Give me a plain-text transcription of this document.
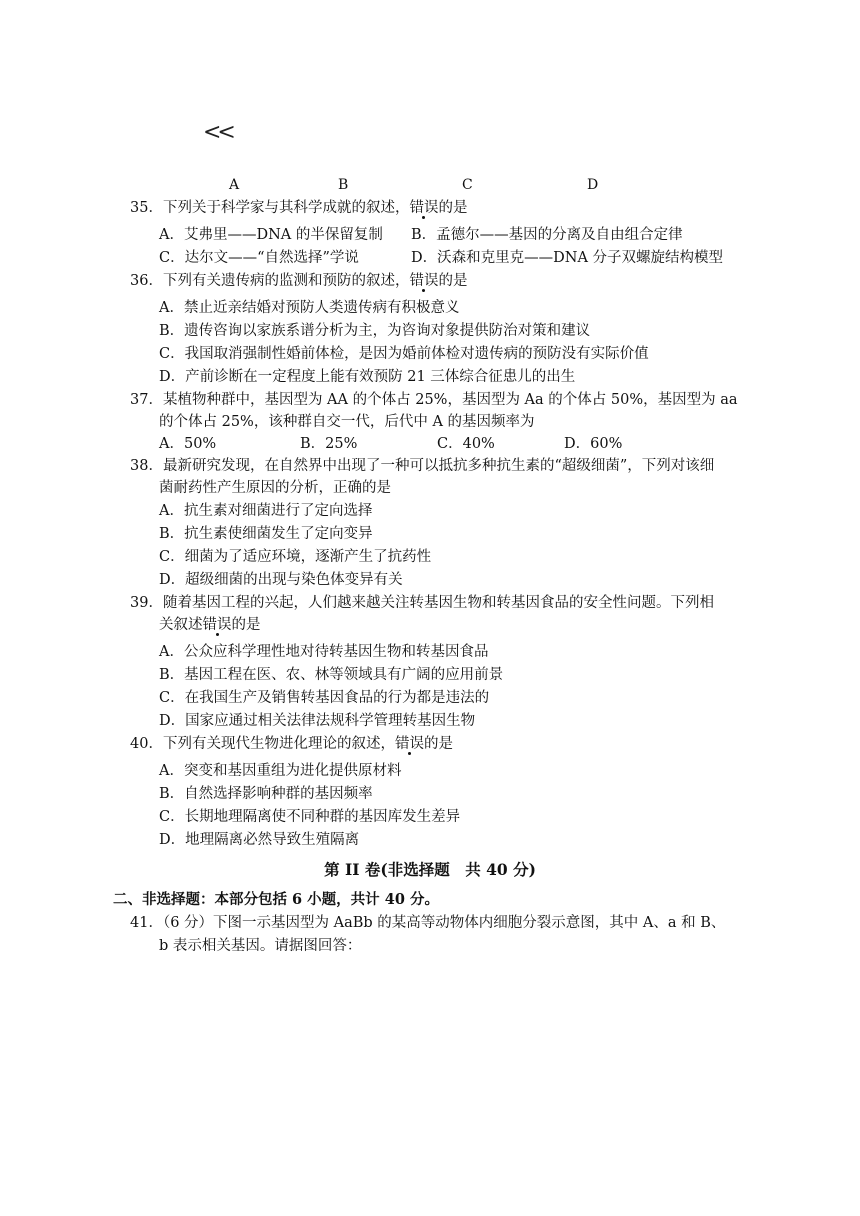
<<
A	B	C	D
35．下列关于科学家与其科学成就的叙述，错误的是
A．艾弗里——DNA 的半保留复制 B．孟德尔——基因的分离及自由组合定律
C．达尔文——“自然选择”学说	D．沃森和克里克——DNA 分子双螺旋结构模型
36．下列有关遗传病的监测和预防的叙述，错误的是
A．禁止近亲结婚对预防人类遗传病有积极意义
B．遗传咨询以家族系谱分析为主，为咨询对象提供防治对策和建议
C．我国取消强制性婚前体检，是因为婚前体检对遗传病的预防没有实际价值
D．产前诊断在一定程度上能有效预防 21 三体综合征患儿的出生
37．某植物种群中，基因型为 AA 的个体占 25%，基因型为 Aa 的个体占 50%，基因型为 aa
的个体占 25%，该种群自交一代，后代中 A 的基因频率为
A．50%	B．25%	C．40%	D．60%
38．最新研究发现，在自然界中出现了一种可以抵抗多种抗生素的“超级细菌”，下列对该细
菌耐药性产生原因的分析，正确的是
A．抗生素对细菌进行了定向选择
B．抗生素使细菌发生了定向变异
C．细菌为了适应环境，逐渐产生了抗药性
D．超级细菌的出现与染色体变异有关
39．随着基因工程的兴起，人们越来越关注转基因生物和转基因食品的安全性问题。下列相
关叙述错误的是
A．公众应科学理性地对待转基因生物和转基因食品
B．基因工程在医、农、林等领域具有广阔的应用前景
C．在我国生产及销售转基因食品的行为都是违法的
D．国家应通过相关法律法规科学管理转基因生物
40．下列有关现代生物进化理论的叙述，错误的是
A．突变和基因重组为进化提供原材料
B．自然选择影响种群的基因频率
C．长期地理隔离使不同种群的基因库发生差异
D．地理隔离必然导致生殖隔离
第 II 卷(非选择题　共 40 分)
二、非选择题：本部分包括 6 小题，共计 40 分。
41．（6 分）下图一示基因型为 AaBb 的某高等动物体内细胞分裂示意图，其中 A、a 和 B、
b 表示相关基因。请据图回答：
